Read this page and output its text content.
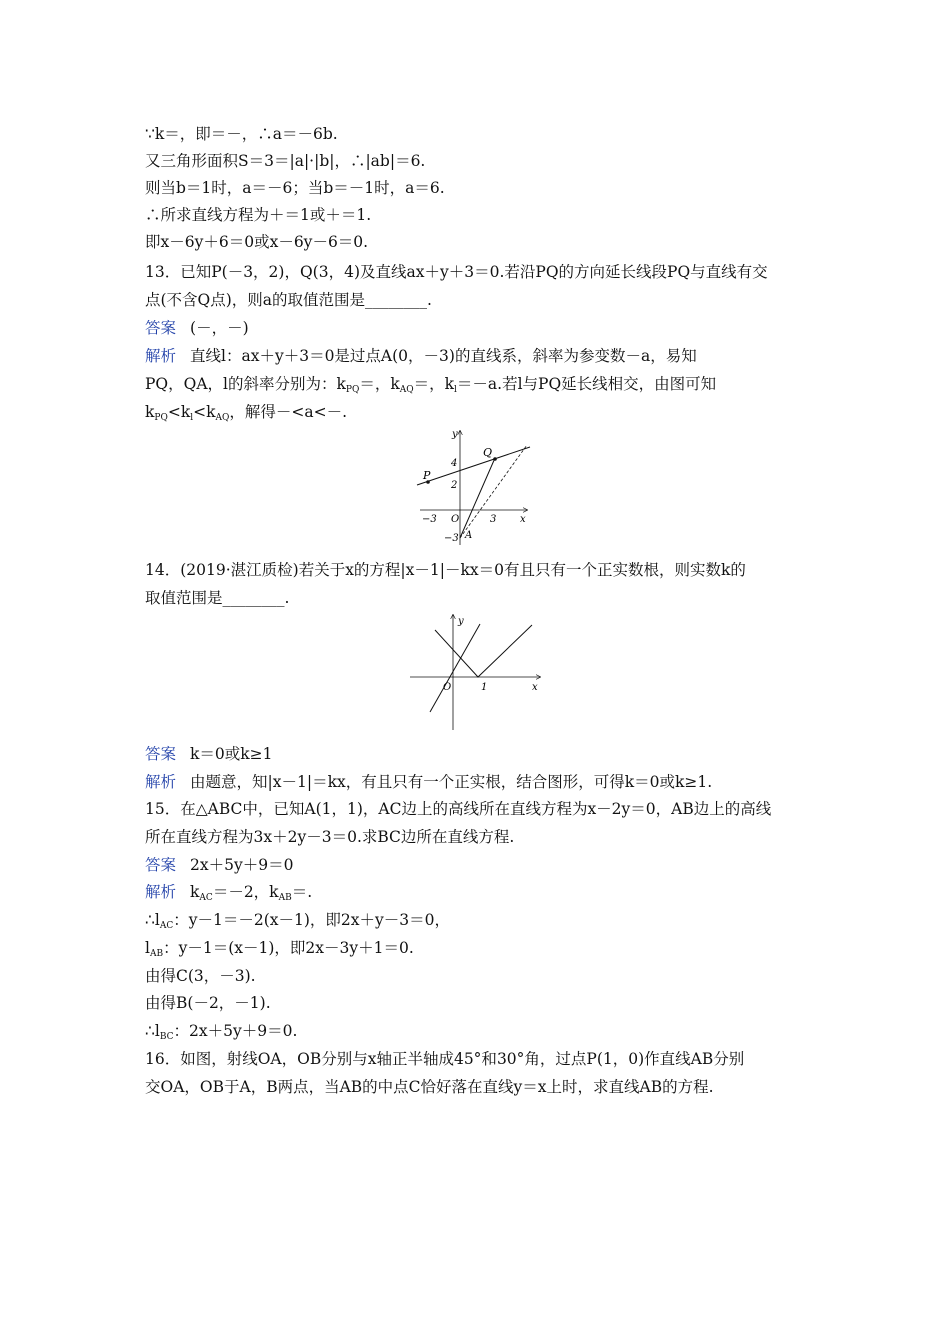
∵k＝，即＝－，∴a＝－6b.
又三角形面积S＝3＝|a|·|b|，∴|ab|＝6.
则当b＝1时，a＝－6；当b＝－1时，a＝6.
∴所求直线方程为＋＝1或＋＝1.
即x－6y＋6＝0或x－6y－6＝0.
13．已知P(－3，2)，Q(3，4)及直线ax＋y＋3＝0.若沿PQ的方向延长线段PQ与直线有交
点(不含Q点)，则a的取值范围是________.
答案 (－，－)
解析 直线l：ax＋y＋3＝0是过点A(0，－3)的直线系，斜率为参变数－a，易知
PQ，QA，l的斜率分别为：$k_{PQ}=$，$k_{AQ}=$，$k_l=-a$.若l与PQ延长线相交，由图可知
$k_{PQ}<k_l<k_{AQ}$，解得－<a<－.
P
Q
A
O	x
y
−3	3
4
2
−3
14．(2019·湛江质检)若关于x的方程|x－1|－kx＝0有且只有一个正实数根，则实数k的
取值范围是________.
O	1	x
y
答案 k＝0或k≥1
解析 由题意，知|x－1|＝kx，有且只有一个正实根，结合图形，可得k＝0或k≥1.
15．在△ABC中，已知A(1，1)，AC边上的高线所在直线方程为x－2y＝0，AB边上的高线
所在直线方程为3x＋2y－3＝0.求BC边所在直线方程.
答案 2x＋5y＋9＝0
解析 $k_{AC}=-2$，$k_{AB}=$.
$\therefore l_{AC}$：y－1＝－2(x－1)，即2x＋y－3＝0，
$l_{AB}$：y－1＝(x－1)，即2x－3y＋1＝0.
由得C(3，－3).
由得B(－2，－1).
$\therefore l_{BC}$：2x＋5y＋9＝0.
16．如图，射线OA，OB分别与x轴正半轴成45°和30°角，过点P(1，0)作直线AB分别
交OA，OB于A，B两点，当AB的中点C恰好落在直线y＝x上时，求直线AB的方程.
